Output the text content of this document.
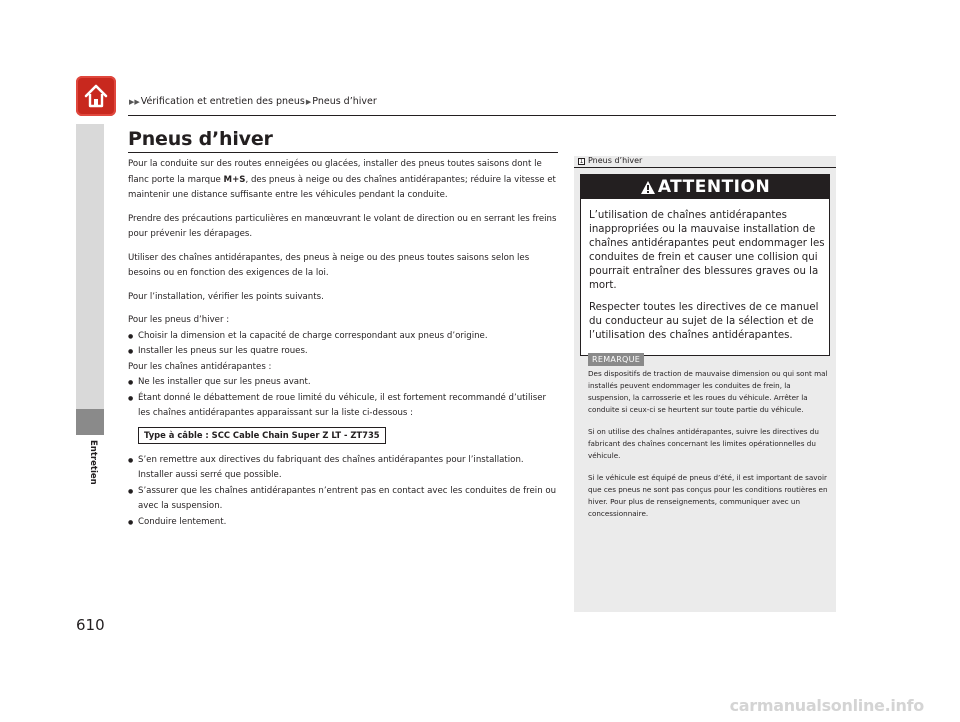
▶▶Vérification et entretien des pneus▶Pneus d’hiver
Entretien
610
Pneus d’hiver

Pour la conduite sur des routes enneigées ou glacées, installer des pneus toutes saisons dont le flanc porte la marque M+S, des pneus à neige ou des chaînes antidérapantes; réduire la vitesse et maintenir une distance suffisante entre les véhicules pendant la conduite.

Prendre des précautions particulières en manœuvrant le volant de direction ou en serrant les freins pour prévenir les dérapages.

Utiliser des chaînes antidérapantes, des pneus à neige ou des pneus toutes saisons selon les besoins ou en fonction des exigences de la loi.

Pour l’installation, vérifier les points suivants.

Pour les pneus d’hiver :

● Choisir la dimension et la capacité de charge correspondant aux pneus d’origine.
● Installer les pneus sur les quatre roues.

Pour les chaînes antidérapantes :

● Ne les installer que sur les pneus avant.
● Étant donné le débattement de roue limité du véhicule, il est fortement recommandé d’utiliser les chaînes antidérapantes apparaissant sur la liste ci-dessous :
Type à câble : SCC Cable Chain Super Z LT - ZT735
● S’en remettre aux directives du fabriquant des chaînes antidérapantes pour l’installation. Installer aussi serré que possible.
● S’assurer que les chaînes antidérapantes n’entrent pas en contact avec les conduites de frein ou avec la suspension.
● Conduire lentement.
1 Pneus d’hiver
ATTENTION

L’utilisation de chaînes antidérapantes inappropriées ou la mauvaise installation de chaînes antidérapantes peut endommager les conduites de frein et causer une collision qui pourrait entraîner des blessures graves ou la mort.

Respecter toutes les directives de ce manuel du conducteur au sujet de la sélection et de l’utilisation des chaînes antidérapantes.

REMARQUE

Des dispositifs de traction de mauvaise dimension ou qui sont mal installés peuvent endommager les conduites de frein, la suspension, la carrosserie et les roues du véhicule. Arrêter la conduite si ceux-ci se heurtent sur toute partie du véhicule.

Si on utilise des chaînes antidérapantes, suivre les directives du fabricant des chaînes concernant les limites opérationnelles du véhicule.

Si le véhicule est équipé de pneus d’été, il est important de savoir que ces pneus ne sont pas conçus pour les conditions routières en hiver. Pour plus de renseignements, communiquer avec un concessionnaire.

carmanualsonline.info
